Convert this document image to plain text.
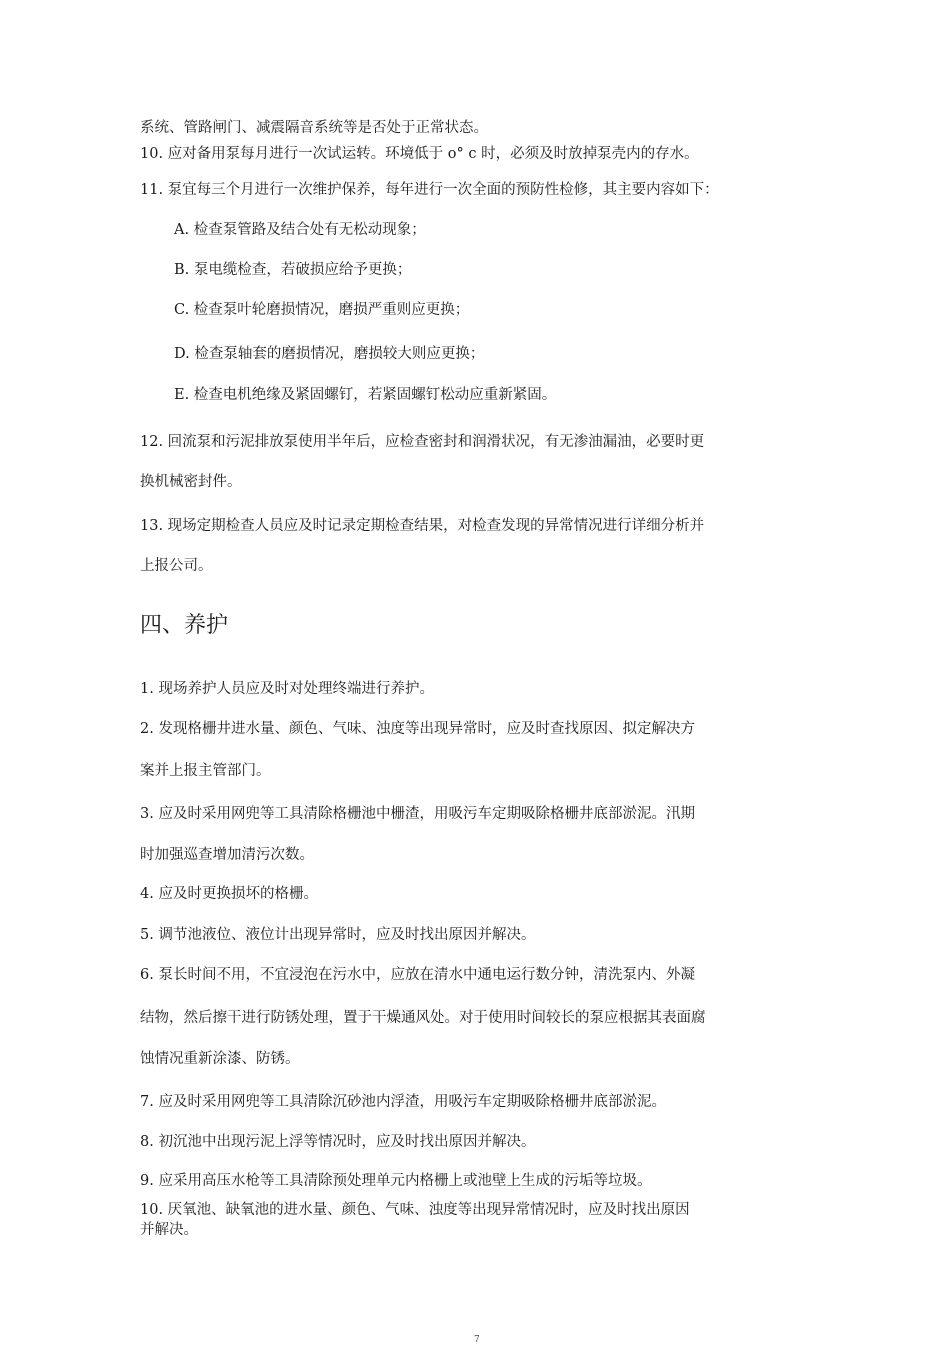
系统、管路闸门、减震隔音系统等是否处于正常状态。
10. 应对备用泵每月进行一次试运转。环境低于 o° c 时，必须及时放掉泵壳内的存水。
11. 泵宜每三个月进行一次维护保养，每年进行一次全面的预防性检修，其主要内容如下：
A. 检查泵管路及结合处有无松动现象；
B. 泵电缆检查，若破损应给予更换；
C. 检查泵叶轮磨损情况，磨损严重则应更换；
D. 检查泵轴套的磨损情况，磨损较大则应更换；
E. 检查电机绝缘及紧固螺钉，若紧固螺钉松动应重新紧固。
12. 回流泵和污泥排放泵使用半年后，应检查密封和润滑状况，有无渗油漏油，必要时更
换机械密封件。
13. 现场定期检查人员应及时记录定期检查结果，对检查发现的异常情况进行详细分析并
上报公司。
四、养护
1. 现场养护人员应及时对处理终端进行养护。
2. 发现格栅井进水量、颜色、气味、浊度等出现异常时，应及时查找原因、拟定解决方
案并上报主管部门。
3. 应及时采用网兜等工具清除格栅池中栅渣，用吸污车定期吸除格栅井底部淤泥。汛期
时加强巡查增加清污次数。
4. 应及时更换损坏的格栅。
5. 调节池液位、液位计出现异常时，应及时找出原因并解决。
6. 泵长时间不用，不宜浸泡在污水中，应放在清水中通电运行数分钟，清洗泵内、外凝
结物，然后擦干进行防锈处理，置于干燥通风处。对于使用时间较长的泵应根据其表面腐
蚀情况重新涂漆、防锈。
7. 应及时采用网兜等工具清除沉砂池内浮渣，用吸污车定期吸除格栅井底部淤泥。
8. 初沉池中出现污泥上浮等情况时，应及时找出原因并解决。
9. 应采用高压水枪等工具清除预处理单元内格栅上或池壁上生成的污垢等垃圾。
10. 厌氧池、缺氧池的进水量、颜色、气味、浊度等出现异常情况时，应及时找出原因
并解决。
7
